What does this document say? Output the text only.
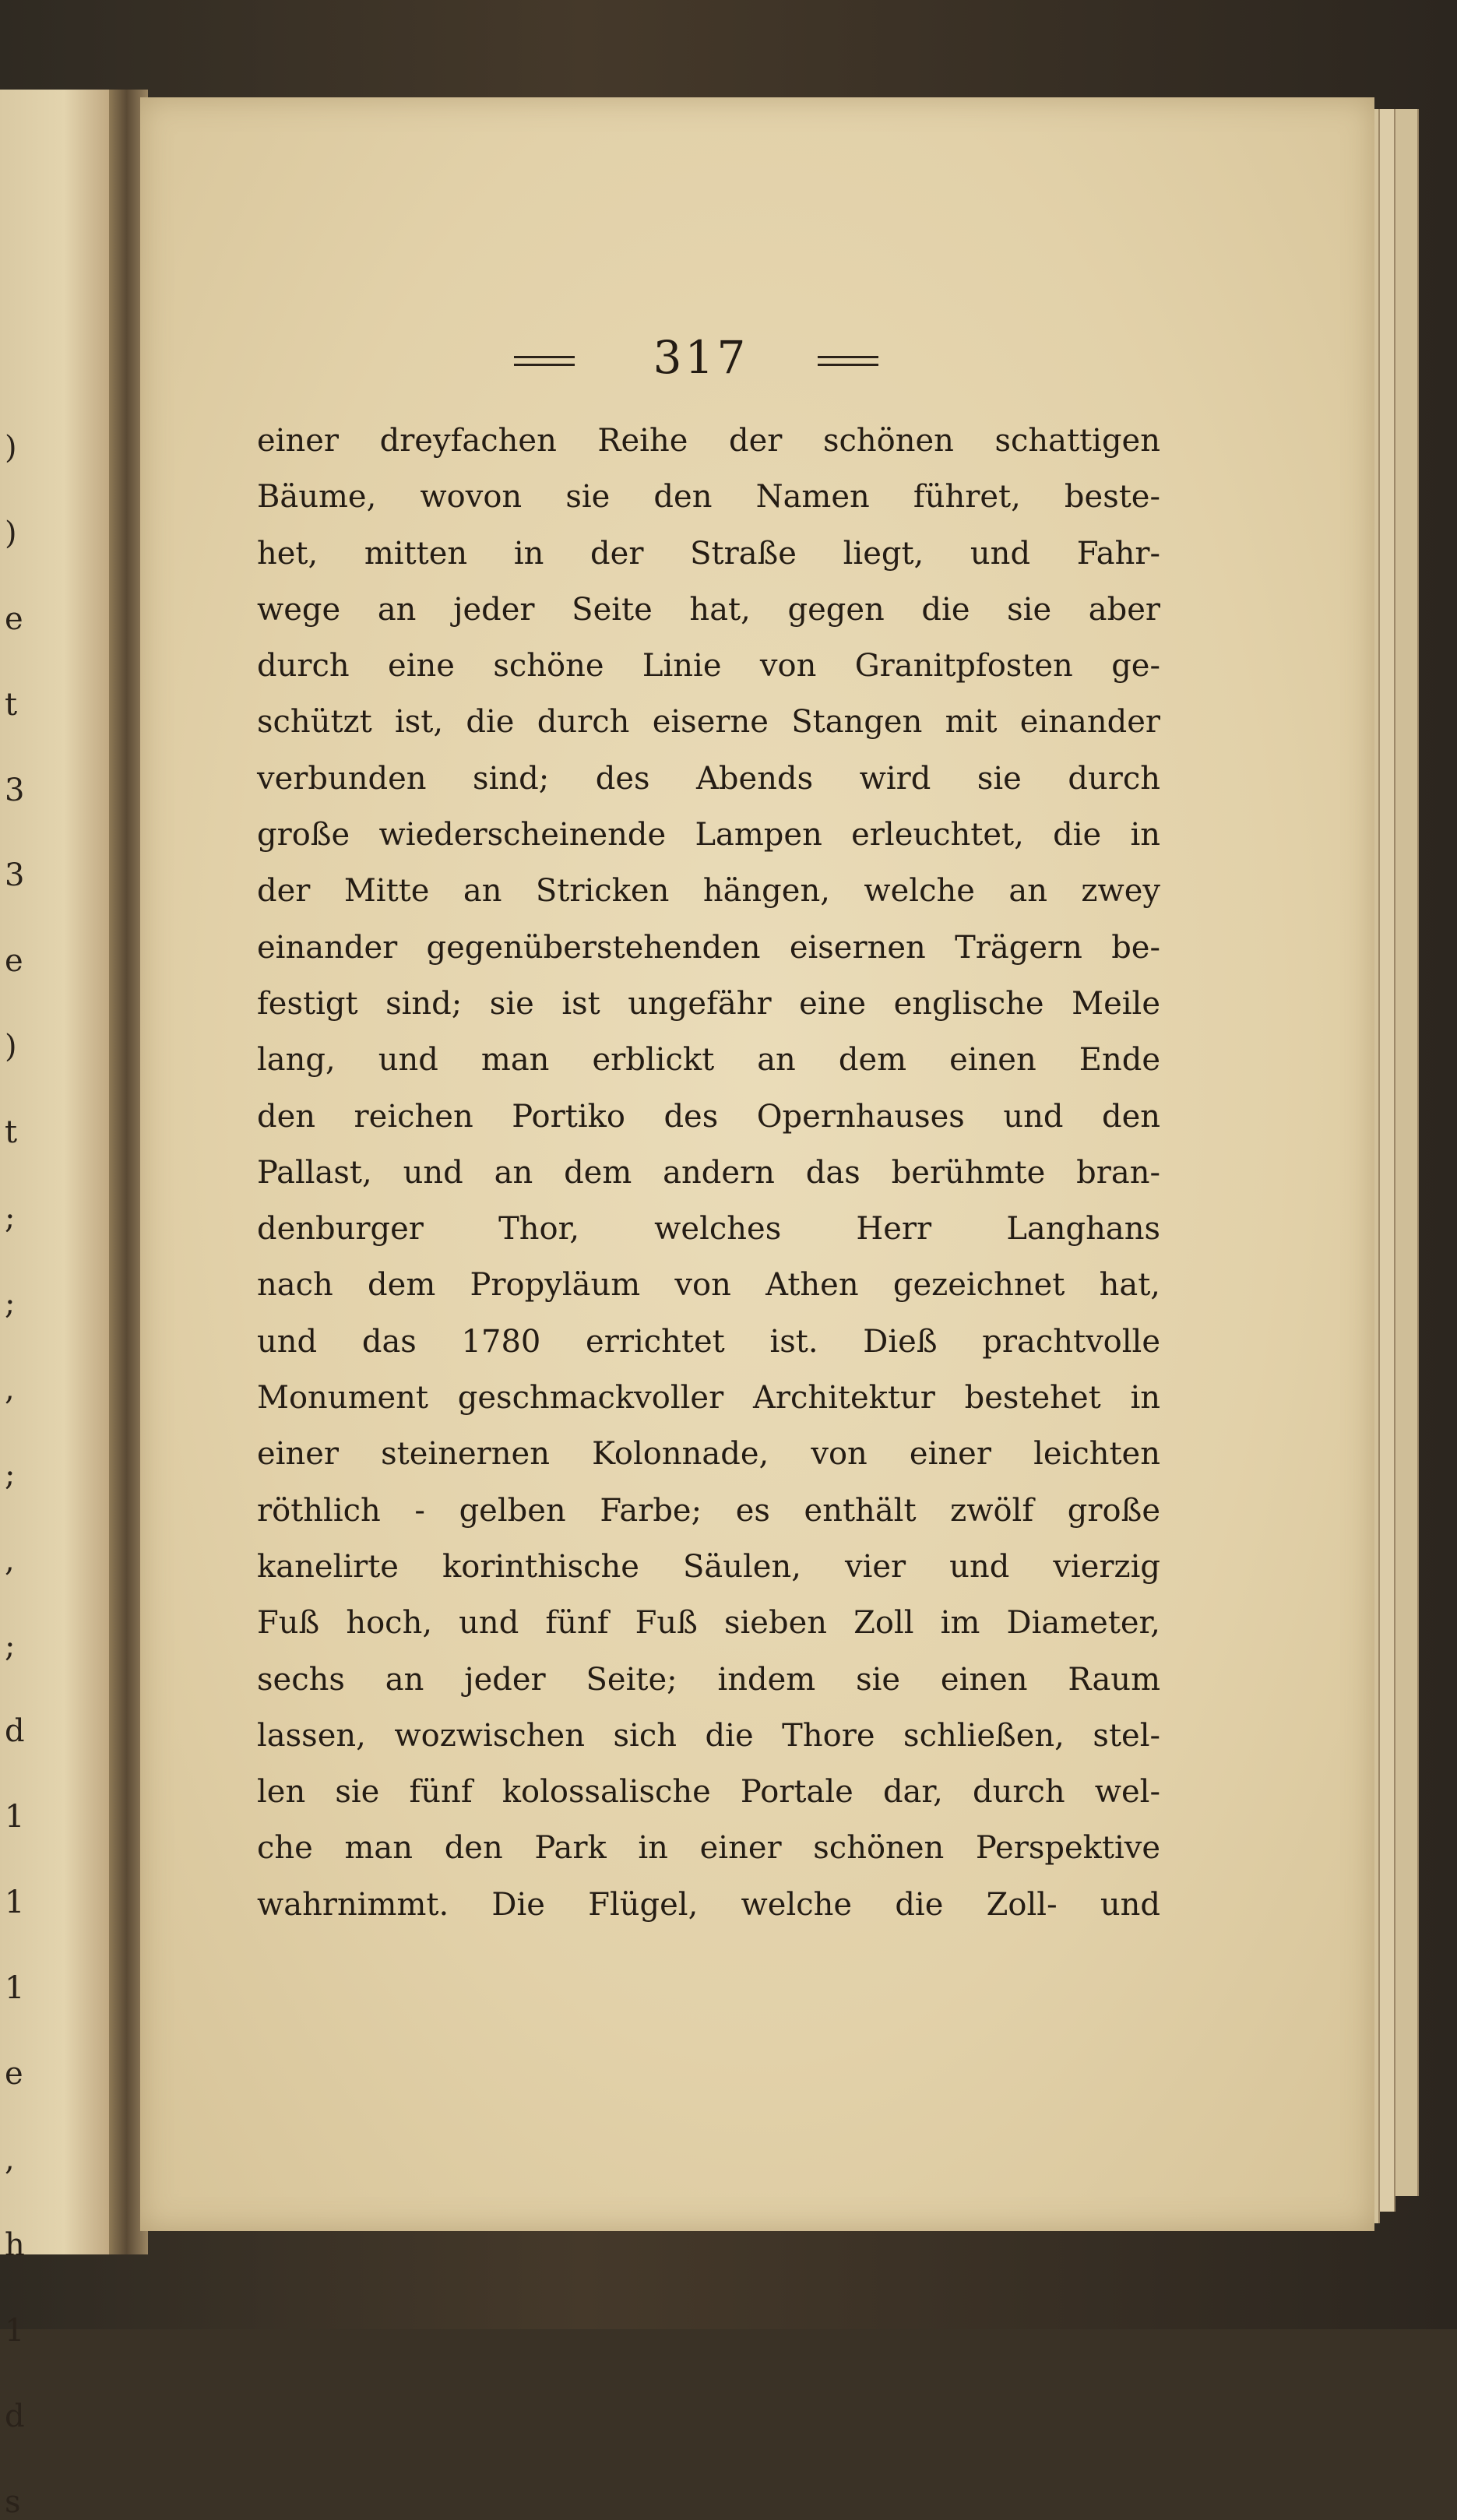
)
)
e
t
3
3
e
)
t
;
;
,
;
,
;
d
1
1
1
e
,
h
1
d
s
317
einer dreyfachen Reihe der schönen schattigen
Bäume, wovon sie den Namen führet, beste-
het, mitten in der Straße liegt, und Fahr-
wege an jeder Seite hat, gegen die sie aber
durch eine schöne Linie von Granitpfosten ge-
schützt ist, die durch eiserne Stangen mit einander
verbunden sind; des Abends wird sie durch
große wiederscheinende Lampen erleuchtet, die in
der Mitte an Stricken hängen, welche an zwey
einander gegenüberstehenden eisernen Trägern be-
festigt sind; sie ist ungefähr eine englische Meile
lang, und man erblickt an dem einen Ende
den reichen Portiko des Opernhauses und den
Pallast, und an dem andern das berühmte bran-
denburger Thor, welches Herr Langhans
nach dem Propyläum von Athen gezeichnet hat,
und das 1780 errichtet ist. Dieß prachtvolle
Monument geschmackvoller Architektur bestehet in
einer steinernen Kolonnade, von einer leichten
röthlich - gelben Farbe; es enthält zwölf große
kanelirte korinthische Säulen, vier und vierzig
Fuß hoch, und fünf Fuß sieben Zoll im Diameter,
sechs an jeder Seite; indem sie einen Raum
lassen, wozwischen sich die Thore schließen, stel-
len sie fünf kolossalische Portale dar, durch wel-
che man den Park in einer schönen Perspektive
wahrnimmt. Die Flügel, welche die Zoll- und
